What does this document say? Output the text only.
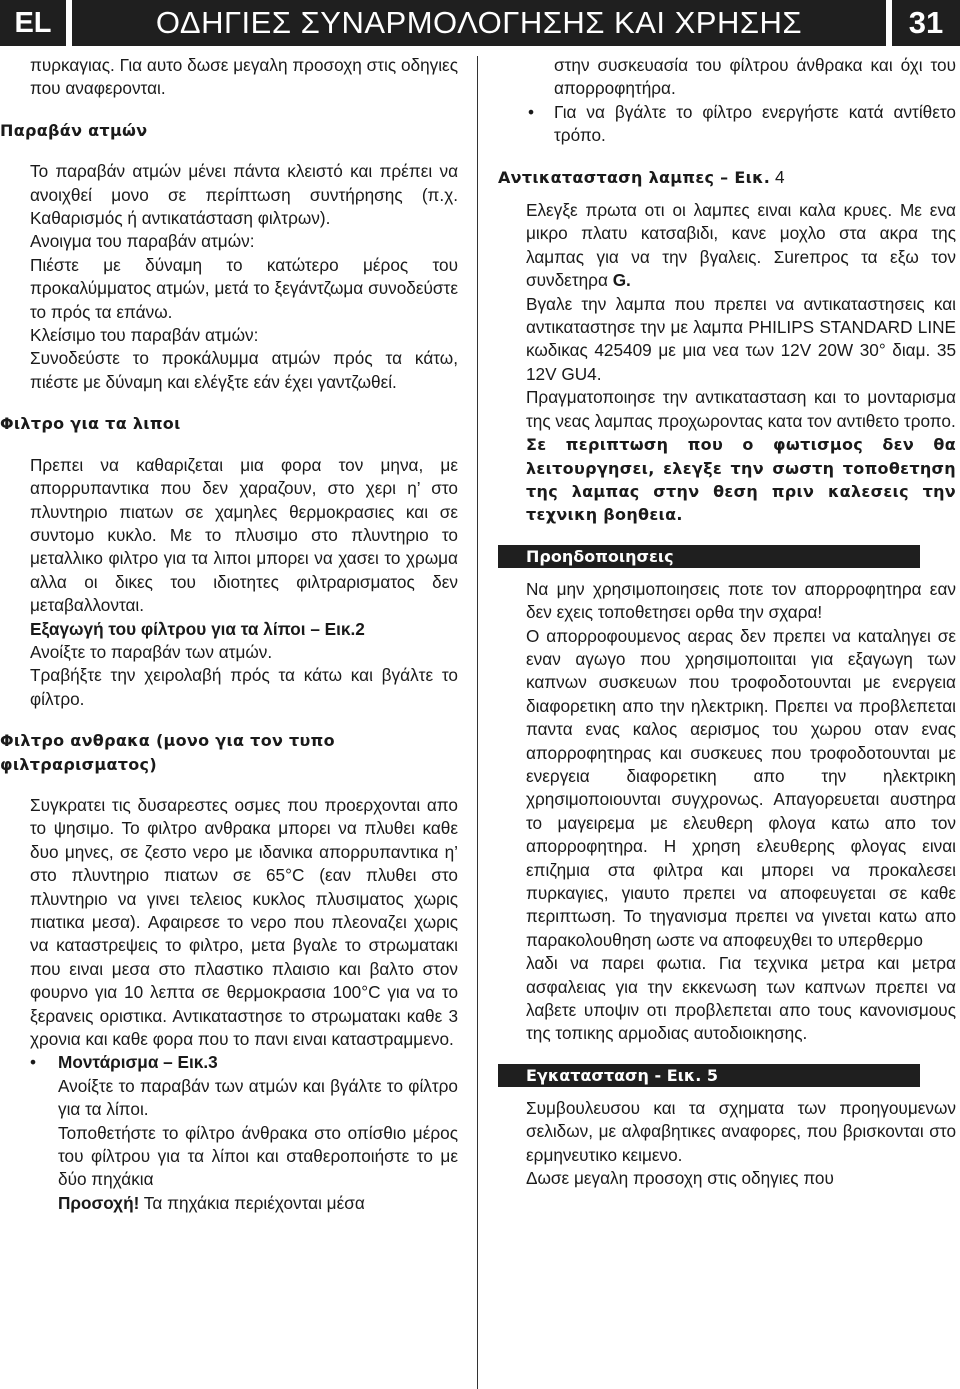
EL	ΟΔΗΓΙΕΣ ΣΥΝΑΡΜΟΛΟΓΗΣΗΣ ΚΑΙ ΧΡΗΣΗΣ	31
πυρκαγιας. Για αυτο δωσε μεγαλη προσοχη στις οδηγιες που αναφερονται.
Παραβάν ατμών
Το παραβάν ατμών μένει πάντα κλειστό και πρέπει να ανοιχθεί μονο σε περίπτωση συντήρησης (π.χ. Καθαρισμός ή αντικατάσταση φιλτρων).
Ανοιγμα του παραβάν ατμών:
Πιέστε με δύναμη το κατώτερο μέρος του προκαλύμματος ατμών, μετά το ξεγάντζωμα συνοδεύστε το πρός τα επάνω.
Κλείσιμο του παραβάν ατμών:
Συνοδεύστε το προκάλυμμα ατμών πρός τα κάτω, πιέστε με δύναμη και ελέγξτε εάν έχει γαντζωθεί.
Φιλτρο για τα λιποι
Πρεπει να καθαριζεται μια φορα τον μηνα, με απορρυπαντικα που δεν χαραζουν, στο χερι η’ στο πλυντηριο πιατων σε χαμηλες θερμοκρασιες και σε συντομο κυκλο. Με το πλυσιμο στο πλυντηριο το μεταλλικο φιλτρο για τα λιποι μπορει να χασει το χρωμα αλλα οι δικες του ιδιοτητες φιλτραρισματος δεν μεταβαλλονται.
Εξαγωγή του φίλτρου για τα λίποι – Εικ.2
Ανοίξτε το παραβάν των ατμών.
Τραβήξτε την χειρολαβή πρός τα κάτω και βγάλτε το φίλτρο.
Φιλτρο ανθρακα (μονο για τον τυπο
φιλτραρισματος)
Συγκρατει τις δυσαρεστες οσμες που προερχονται απο το ψησιμο. Το φιλτρο ανθρακα μπορει να πλυθει καθε δυο μηνες, σε ζεστο νερο με ιδανικα απορρυπαντικα η’ στο πλυντηριο πιατων σε 65°C (εαν πλυθει στο πλυντηριο να γινει τελειος κυκλος πλυσιματος χωρις πιατικα μεσα). Αφαιρεσε το νερο που πλεοναζει χωρις να καταστρεψεις το φιλτρο, μετα βγαλε το στρωματακι που ειναι μεσα στο πλαστικο πλαισιο και βαλτο στον φουρνο για 10 λεπτα σε θερμοκρασια 100°C για να το ξερανεις οριστικα. Αντικαταστησε το στρωματακι καθε 3 χρονια και καθε φορα που το πανι ειναι καταστραμμενο.
• Μοντάρισμα – Εικ.3
Ανοίξτε το παραβάν των ατμών και βγάλτε το φίλτρο για τα λίποι.
Τοποθετήστε το φίλτρο άνθρακα στο οπίσθιο μέρος του φίλτρου για τα λίποι και σταθεροποιήστε το με δύο πηχάκια
Προσοχή! Τα πηχάκια περιέχονται μέσα
στην συσκευασία του φίλτρου άνθρακα και όχι του απορροφητήρα.
• Για να βγάλτε το φίλτρο ενεργήστε κατά αντίθετο τρόπο.
Αντικατασταση λαμπες – Εικ. 4
Ελεγξε πρωτα οτι οι λαμπες ειναι καλα κρυες. Με ενα μικρο πλατυ κατσαβιδι, κανε μοχλο στα ακρα της λαμπας για να την βγαλεις. Σureπρος τα εξω τον συνδετηρα G.
Βγαλε την λαμπα που πρεπει να αντικαταστησεις και αντικαταστησε την με λαμπα PHILIPS STANDARD LINE κωδικας 425409 με μια νεα των 12V 20W 30° διαμ. 35 12V GU4.
Πραγματοποιησε την αντικατασταση και το μονταρισμα της νεας λαμπας προχωροντας κατα τον αντιθετο τροπο.
Σε περιπτωση που ο φωτισμος δεν θα λειτουργησει, ελεγξε την σωστη τοποθετηση της λαμπας στην θεση πριν καλεσεις την τεχνικη βοηθεια.
Προηδοποιησεις
Να μην χρησιμοποιησεις ποτε τον απορροφητηρα εαν δεν εχεις τοποθετησει ορθα την σχαρα!
Ο απορροφουμενος αερας δεν πρεπει να καταληγει σε εναν αγωγο που χρησιμοποιιται για εξαγωγη των καπνων συσκευων που τροφοδοτουνται με ενεργεια διαφορετικη απο την ηλεκτρικη. Πρεπει να προβλεπεται παντα ενας καλος αερισμος του χωρου οταν ενας απορροφητηρας και συσκευες που τροφοδοτουνται με ενεργεια διαφορετικη απο την ηλεκτρικη χρησιμοποιουνται συγχρονως. Απαγορευεται αυστηρα το μαγειρεμα με ελευθερη φλογα κατω απο τον απορροφητηρα. Η χρηση ελευθερης φλογας ειναι επιζημια στα φιλτρα και μπορει να προκαλεσει πυρκαγιες, γιαυτο πρεπει να αποφευγεται σε καθε περιπτωση. Το τηγανισμα πρεπει να γινεται κατω απο παρακολουθηση ωστε να αποφευχθει το υπερθερμο
λαδι να παρει φωτια. Για τεχνικα μετρα και μετρα ασφαλειας για την εκκενωση των καπνων πρεπει να λαβετε υποψιν οτι προβλεπεται απο τους κανονισμους της τοπικης αρμοδιας αυτοδιοικησης.
Εγκατασταση - Εικ. 5
Συμβουλευσου και τα σχηματα των προηγουμενων σελιδων, με αλφαβητικες αναφορες, που βρισκονται στο ερμηνευτικο κειμενο.
Δωσε μεγαλη προσοχη στις οδηγιες που
